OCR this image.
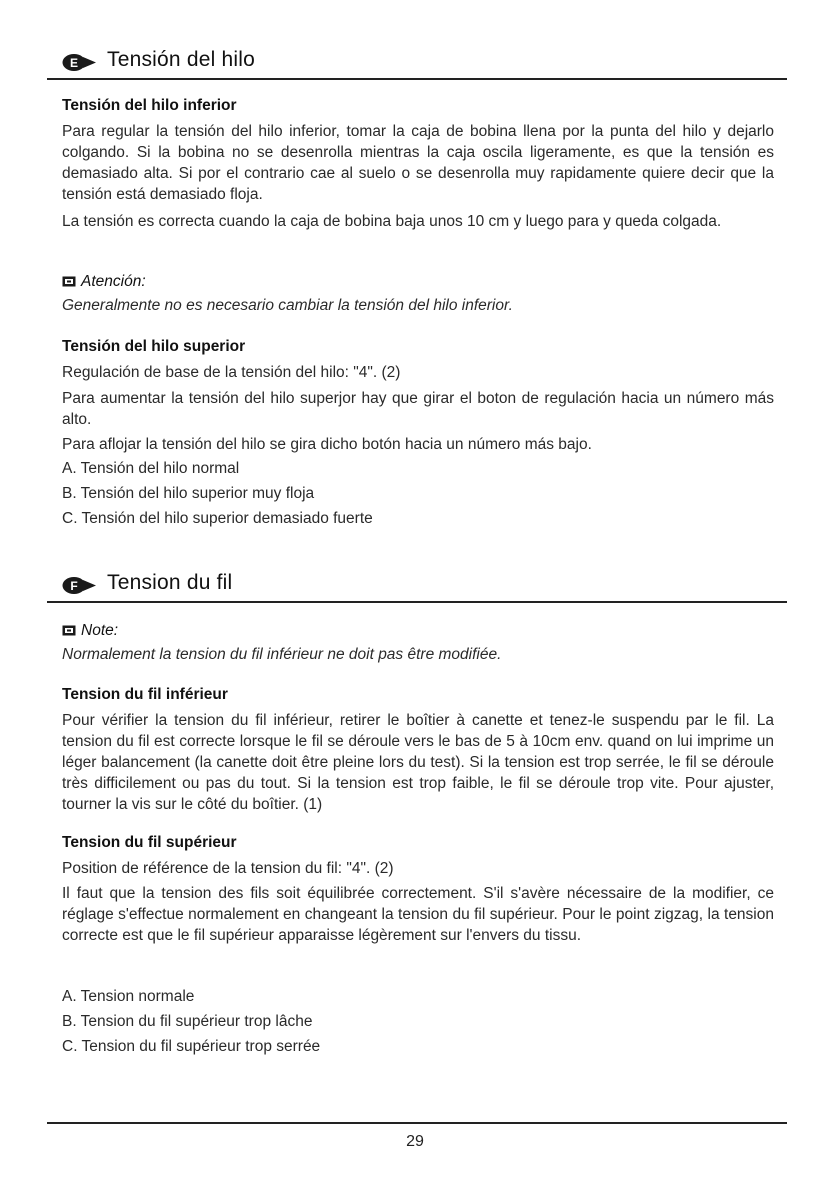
E Tensión del hilo
Tensión del hilo inferior

Para regular la tensión del hilo inferior, tomar la caja de bobina llena por la punta del hilo y dejarlo colgando. Si la bobina no se desenrolla mientras la caja oscila ligeramente, es que la tensión es demasiado alta. Si por el contrario cae al suelo o se desenrolla muy rapidamente quiere decir que la tensión está demasiado floja.

La tensión es correcta cuando la caja de bobina baja unos 10 cm y luego para y queda colgada.

Atención:
Generalmente no es necesario cambiar la tensión del hilo inferior.
Tensión del hilo superior

Regulación de base de la tensión del hilo: "4". (2)

Para aumentar la tensión del hilo superjor hay que girar el boton de regulación hacia un número más alto.

Para aflojar la tensión del hilo se gira dicho botón hacia un número más bajo.

A. Tensión del hilo normal
B. Tensión del hilo superior muy floja
C. Tensión del hilo superior demasiado fuerte
F Tension du fil
Note:
Normalement la tension du fil inférieur ne doit pas être modifiée.
Tension du fil inférieur

Pour vérifier la tension du fil inférieur, retirer le boîtier à canette et tenez-le suspendu par le fil. La tension du fil est correcte lorsque le fil se déroule vers le bas de 5 à 10cm env. quand on lui imprime un léger balancement (la canette doit être pleine lors du test). Si la tension est trop serrée, le fil se déroule très difficilement ou pas du tout. Si la tension est trop faible, le fil se déroule trop vite. Pour ajuster, tourner la vis sur le côté du boîtier. (1)

Tension du fil supérieur

Position de référence de la tension du fil: "4". (2)

Il faut que la tension des fils soit équilibrée correctement. S'il s'avère nécessaire de la modifier, ce réglage s'effectue normalement en changeant la tension du fil supérieur. Pour le point zigzag, la tension correcte est que le fil supérieur apparaisse légèrement sur l'envers du tissu.

A. Tension normale
B. Tension du fil supérieur trop lâche
C. Tension du fil supérieur trop serrée
29
